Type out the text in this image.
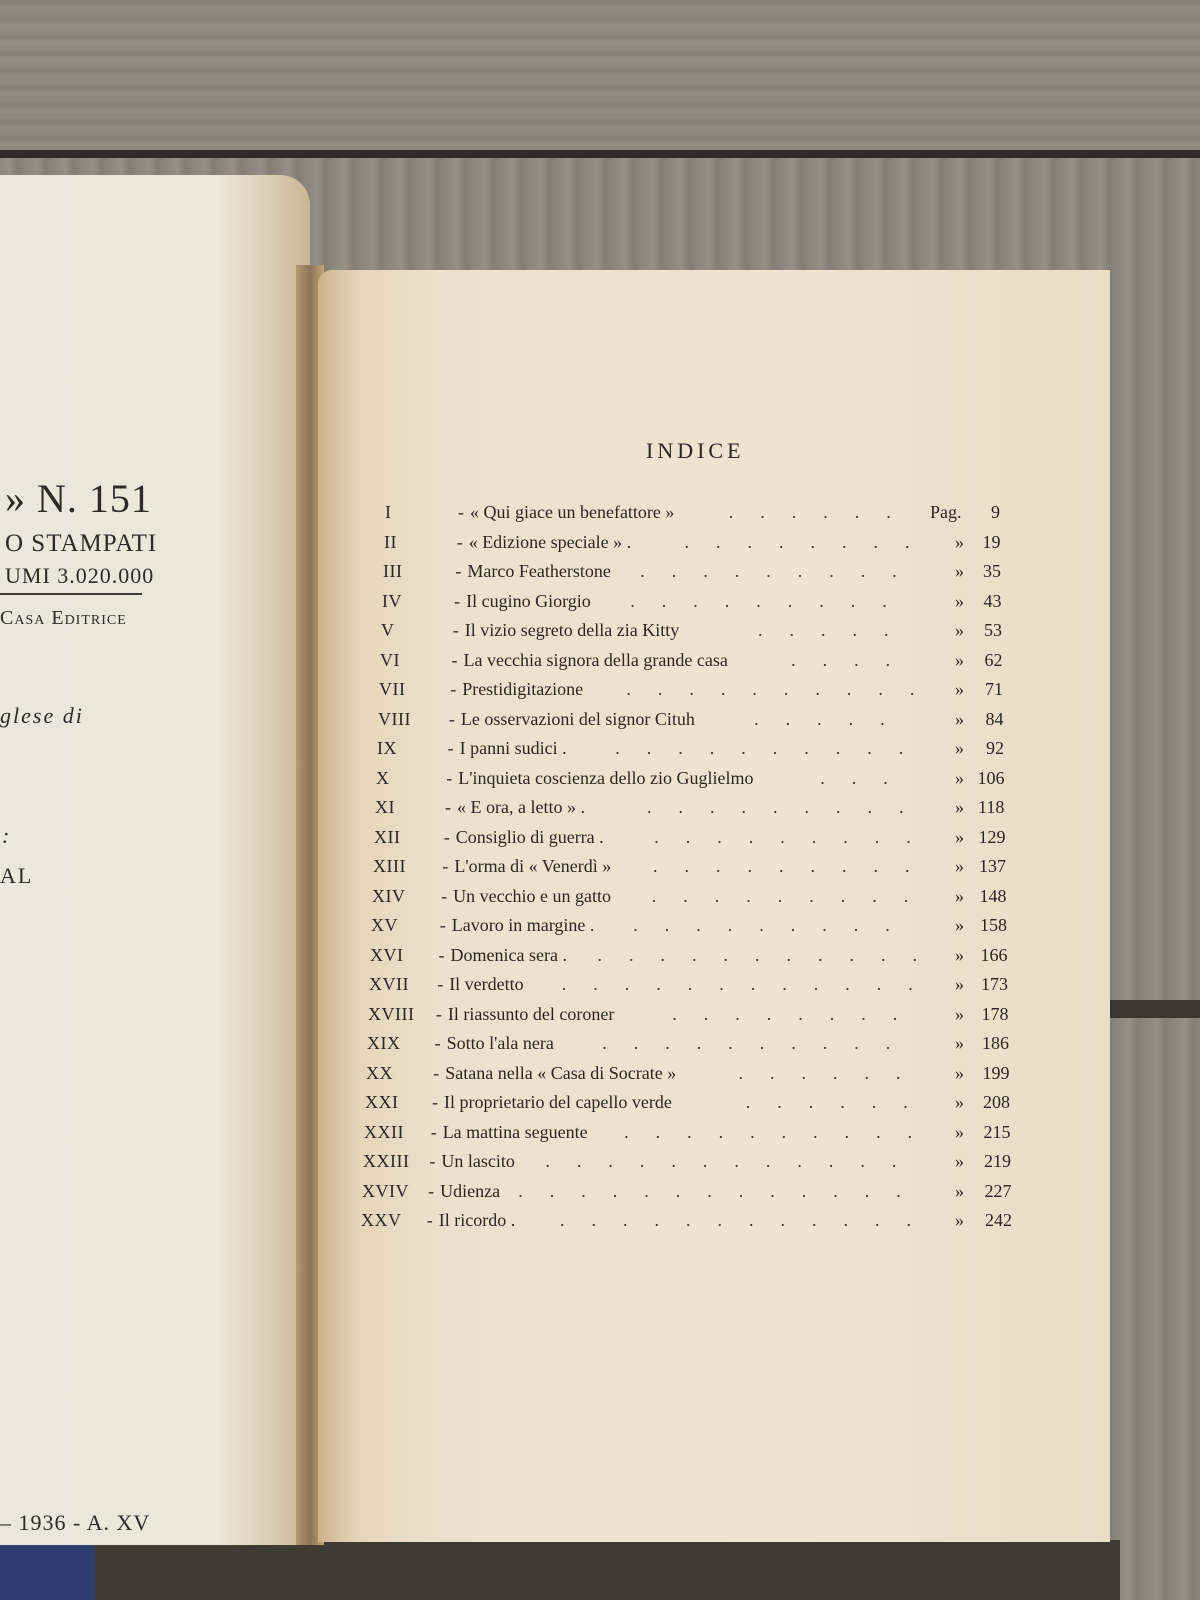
» N. 151
O STAMPATI
UMI 3.020.000
Casa Editrice
glese di
:
AL
– 1936 - A. XV
INDICE
I	- « Qui giace un benefattore »	.  .  .  .  .  . Pag. 9
II	- « Edizione speciale » .	.  .  .  .  .  .  .  .	» 19
III	- Marco Featherstone .  .  .  .  .  .  .  .  .	» 35
IV	- Il cugino Giorgio .  .  .  .  .  .  .  .  .	» 43
V	- Il vizio segreto della zia Kitty	.  .  .  .  .	» 53
VI	- La vecchia signora della grande casa	.  .  .  .	» 62
VII - Prestidigitazione .  .  .  .  .  .  .  .  .  . » 71
VIII - Le osservazioni del signor Cituh	.  .  .  .  .	» 84
IX	- I panni sudici .	.  .  .  .  .  .  .  .  .  .	» 92
X	- L'inquieta coscienza dello zio Guglielmo	.  .  .	» 106
XI	- « E ora, a letto » .	.  .  .  .  .  .  .  .  .	» 118
XII - Consiglio di guerra .	.  .  .  .  .  .  .  .  . » 129
XIII - L'orma di « Venerdì » .  .  .  .  .  .  .  .  .	» 137
XIV - Un vecchio e un gatto .  .  .  .  .  .  .  .  .	» 148
XV - Lavoro in margine . .  .  .  .  .  .  .  .  .	» 158
XVI - Domenica sera . .  .  .  .  .  .  .  .  .  .  . » 166
XVII - Il verdetto .  .  .  .  .  .  .  .  .  .  .  . » 173
XVIII - Il riassunto del coroner	.  .  .  .  .  .  .  .	» 178
XIX - Sotto l'ala nera	.  .  .  .  .  .  .  .  .  .	» 186
XX - Satana nella « Casa di Socrate »	.  .  .  .  .  .	» 199
XXI - Il proprietario del capello verde	.  .  .  .  .  .	» 208
XXII - La mattina seguente .  .  .  .  .  .  .  .  .  . » 215
XXIII - Un lascito .  .  .  .  .  .  .  .  .  .  .  .	» 219
XVIV - Udienza .  .  .  .  .  .  .  .  .  .  .  .  .	» 227
XXV - Il ricordo . .  .  .  .  .  .  .  .  .  .  .  . » 242
